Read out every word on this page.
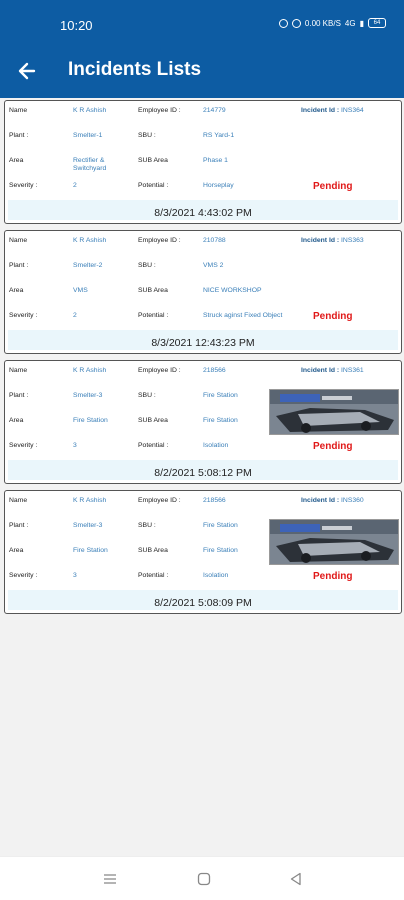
10:20	0.00 KB/S 4G ▮	64
Incidents Lists
Name	K R Ashish	Employee ID :	214779	Incident Id : INS364
Plant :	Smelter-1	SBU :	RS Yard-1
Area	Rectifier & Switchyard
SUB Area	Phase 1
Severity :	2	Potential :	Horseplay	Pending
8/3/2021 4:43:02 PM
Name	K R Ashish	Employee ID :	210788	Incident Id : INS363
Plant :	Smelter-2	SBU :	VMS 2
Area	VMS	SUB Area	NICE WORKSHOP
Severity :	2	Potential :	Struck aginst Fixed Object	Pending
8/3/2021 12:43:23 PM
Name	K R Ashish	Employee ID :	218566	Incident Id : INS361
Plant :	Smelter-3	SBU :	Fire Station
Area	Fire Station	SUB Area	Fire Station
Severity :	3	Potential :	Isolation	Pending
8/2/2021 5:08:12 PM
Name	K R Ashish	Employee ID :	218566	Incident Id : INS360
Plant :	Smelter-3	SBU :	Fire Station
Area	Fire Station	SUB Area	Fire Station
Severity :	3	Potential :	Isolation	Pending
8/2/2021 5:08:09 PM
